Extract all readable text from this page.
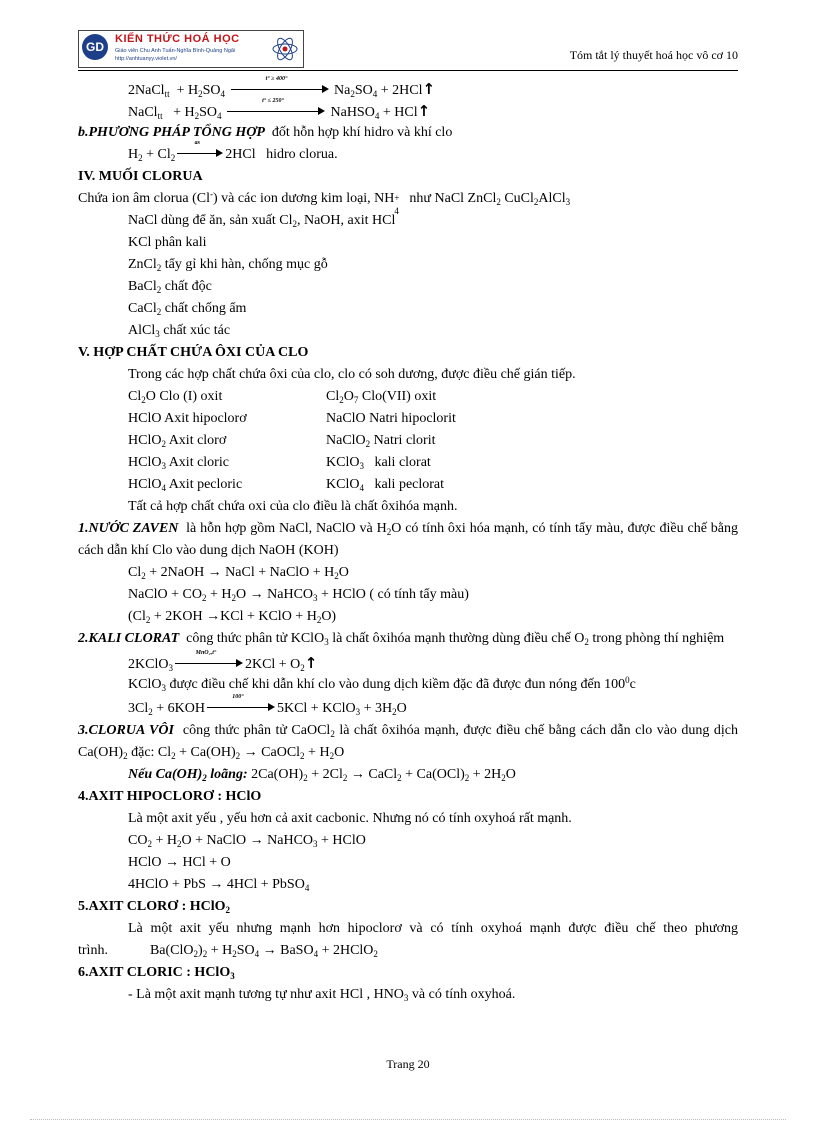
GD
KIẾN THỨC HOÁ HỌC
Giáo viên Chu Anh Tuấn-Nghĩa Bình-Quảng Ngãi
http://anhtuanyy.violet.vn/	Tóm tắt lý thuyết hoá học vô cơ 10
2NaCl$_{tt}$ + $H_2SO_4$
t° ≥ 400°
$Na_2SO_4$ + 2HCl↑
NaCl$_{tt}$ + $H_2SO_4$
t° ≤ 250°
NaHSO$_4$ + HCl↑
b.PHƯƠNG PHÁP TỔNG HỢP đốt hỗn hợp khí hidro và khí clo
$H_2 + Cl_2$
as
2HCl hidro clorua.
IV. MUỐI CLORUA
Chứa ion âm clorua (Cl-) và các ion dương kim loại, NH +
4
như NaCl ZnCl$_2$ CuCl$_2$AlCl$_3$
NaCl dùng để ăn, sản xuất $Cl_2$, NaOH, axit HCl
KCl phân kali
ZnCl$_2$ tẩy gỉ khi hàn, chống mục gỗ
BaCl$_2$ chất độc
CaCl$_2$ chất chống ẩm
AlCl$_3$ chất xúc tác
V. HỢP CHẤT CHỨA ÔXI CỦA CLO
Trong các hợp chất chứa ôxi của clo, clo có soh dương, được điều chế gián tiếp.
$Cl_2O$ Clo (I) oxit	$Cl_2O_7$ Clo(VII) oxit
HClO Axit hipoclorơ	NaClO Natri hipoclorit
HClO$_2$ Axit clorơ	NaClO$_2$ Natri clorit
HClO$_3$ Axit cloric	KClO$_3$ kali clorat
HClO$_4$ Axit pecloric	KClO$_4$ kali peclorat
Tất cả hợp chất chứa oxi của clo điều là chất ôxihóa mạnh.
1.NƯỚC ZAVEN là hỗn hợp gồm NaCl, NaClO và $H_2O$ có tính ôxi hóa mạnh, có tính tẩy màu, được điều chế bằng cách dẫn khí Clo vào dung dịch NaOH (KOH)
$Cl_2$ + 2NaOH → NaCl + NaClO + $H_2O$
NaClO + $CO_2 + H_2O$ → NaHCO$_3$ + HClO ( có tính tẩy màu)
($Cl_2 + 2KOH \to KCl$ + KClO + $H_2O$)
2.KALI CLORAT công thức phân tử KClO$_3$ là chất ôxihóa mạnh thường dùng điều chế $O_2$ trong phòng thí nghiệm
2KClO$_3$
MnO₂,t°
$2KCl + O_2↑$
KClO$_3$ được điều chế khi dẫn khí clo vào dung dịch kiềm đặc đã được đun nóng đến $100^0c$
$3Cl_2 + 6KOH$
100°
5KCl + KClO$_3$ + $3H_2O$
3.CLORUA VÔI công thức phân tử CaOCl$_2$ là chất ôxihóa mạnh, được điều chế bằng cách dẫn clo vào dung dịch $Ca(OH)_2$ đặc: $Cl_2 + Ca(OH)_2$ → CaOCl$_2$ + $H_2O$
Nếu $Ca(OH)_2$ loãng: $2Ca(OH)_2 + 2Cl_2$ → CaCl$_2$ + $Ca(OCl)_2 + 2H_2O$
4.AXIT HIPOCLORƠ : HClO
Là một axit yếu , yếu hơn cả axit cacbonic. Nhưng nó có tính oxyhoá rất mạnh.
$CO_2 + H_2O$ + NaClO → NaHCO$_3$ + HClO
HClO → HCl + O
4HClO + PbS → 4HCl + PbSO$_4$
5.AXIT CLORƠ : HClO$_2$
Là một axit yếu nhưng mạnh hơn hipoclorơ và có tính oxyhoá mạnh được điều chế theo phương trình.	$Ba(ClO_2)_2 + H_2SO_4$ → BaSO$_4$ + 2HClO$_2$
6.AXIT CLORIC : HClO$_3$
- Là một axit mạnh tương tự như axit HCl , $HNO_3$ và có tính oxyhoá.
Trang 20
